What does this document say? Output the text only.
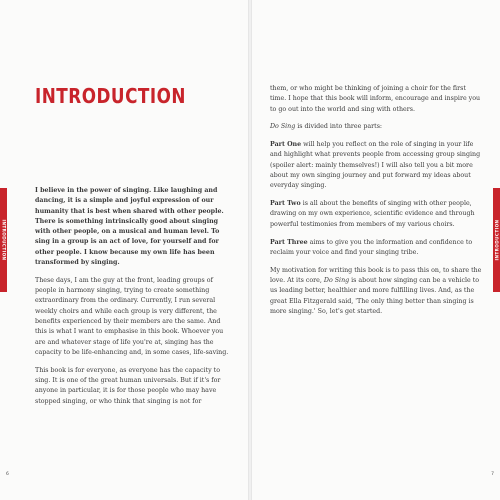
INTRODUCTION
INTRODUCTION

I believe in the power of singing. Like laughing and dancing, it is a simple and joyful expression of our humanity that is best when shared with other people. There is something intrinsically good about singing with other people, on a musical and human level. To sing in a group is an act of love, for yourself and for other people. I know because my own life has been transformed by singing.

These days, I am the guy at the front, leading groups of people in harmony singing, trying to create something extraordinary from the ordinary. Currently, I run several weekly choirs and while each group is very different, the benefits experienced by their members are the same. And this is what I want to emphasise in this book. Whoever you are and whatever stage of life you're at, singing has the capacity to be life-enhancing and, in some cases, life-saving.

This book is for everyone, as everyone has the capacity to sing. It is one of the great human universals. But if it's for anyone in particular, it is for those people who may have stopped singing, or who think that singing is not for

6
INTRODUCTION

them, or who might be thinking of joining a choir for the first time. I hope that this book will inform, encourage and inspire you to go out into the world and sing with others.

Do Sing is divided into three parts:

Part One will help you reflect on the role of singing in your life and highlight what prevents people from accessing group singing (spoiler alert: mainly themselves!) I will also tell you a bit more about my own singing journey and put forward my ideas about everyday singing.

Part Two is all about the benefits of singing with other people, drawing on my own experience, scientific evidence and through powerful testimonies from members of my various choirs.

Part Three aims to give you the information and confidence to reclaim your voice and find your singing tribe.

My motivation for writing this book is to pass this on, to share the love. At its core, Do Sing is about how singing can be a vehicle to us leading better, healthier and more fulfilling lives. And, as the great Ella Fitzgerald said, 'The only thing better than singing is more singing.' So, let's get started.

7
